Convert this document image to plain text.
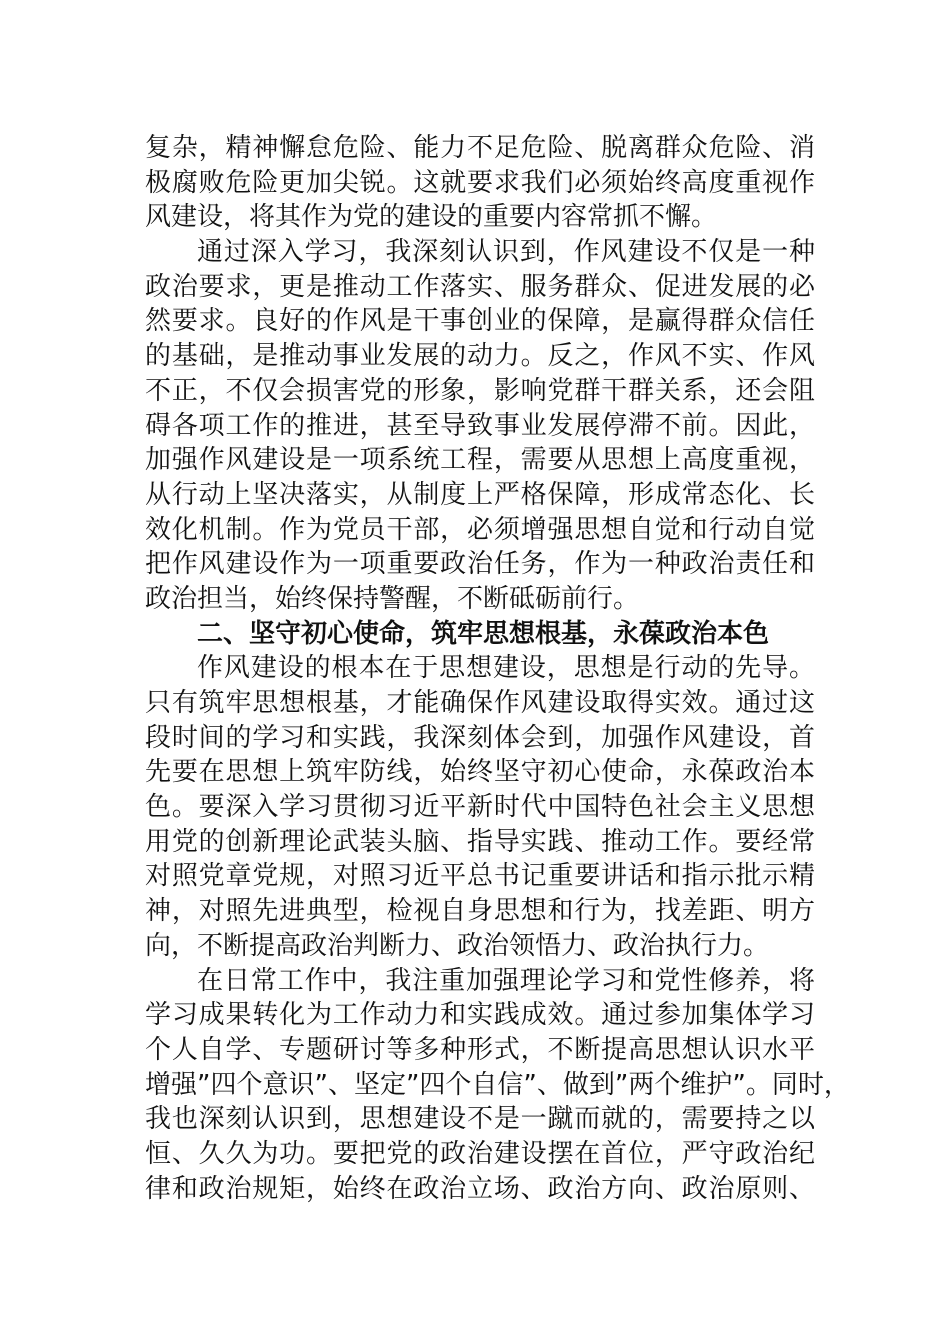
复杂，精神懈怠危险、能力不足危险、脱离群众危险、消
极腐败危险更加尖锐。这就要求我们必须始终高度重视作
风建设，将其作为党的建设的重要内容常抓不懈。
通过深入学习，我深刻认识到，作风建设不仅是一种
政治要求，更是推动工作落实、服务群众、促进发展的必
然要求。良好的作风是干事创业的保障，是赢得群众信任
的基础，是推动事业发展的动力。反之，作风不实、作风
不正，不仅会损害党的形象，影响党群干群关系，还会阻
碍各项工作的推进，甚至导致事业发展停滞不前。因此，
加强作风建设是一项系统工程，需要从思想上高度重视，
从行动上坚决落实，从制度上严格保障，形成常态化、长
效化机制。作为党员干部，必须增强思想自觉和行动自觉
把作风建设作为一项重要政治任务，作为一种政治责任和
政治担当，始终保持警醒，不断砥砺前行。
二、坚守初心使命，筑牢思想根基，永葆政治本色
作风建设的根本在于思想建设，思想是行动的先导。
只有筑牢思想根基，才能确保作风建设取得实效。通过这
段时间的学习和实践，我深刻体会到，加强作风建设，首
先要在思想上筑牢防线，始终坚守初心使命，永葆政治本
色。要深入学习贯彻习近平新时代中国特色社会主义思想
用党的创新理论武装头脑、指导实践、推动工作。要经常
对照党章党规，对照习近平总书记重要讲话和指示批示精
神，对照先进典型，检视自身思想和行为，找差距、明方
向，不断提高政治判断力、政治领悟力、政治执行力。
在日常工作中，我注重加强理论学习和党性修养，将
学习成果转化为工作动力和实践成效。通过参加集体学习
个人自学、专题研讨等多种形式，不断提高思想认识水平
增强”四个意识”、坚定”四个自信”、做到”两个维护”。同时，
我也深刻认识到，思想建设不是一蹴而就的，需要持之以
恒、久久为功。要把党的政治建设摆在首位，严守政治纪
律和政治规矩，始终在政治立场、政治方向、政治原则、
